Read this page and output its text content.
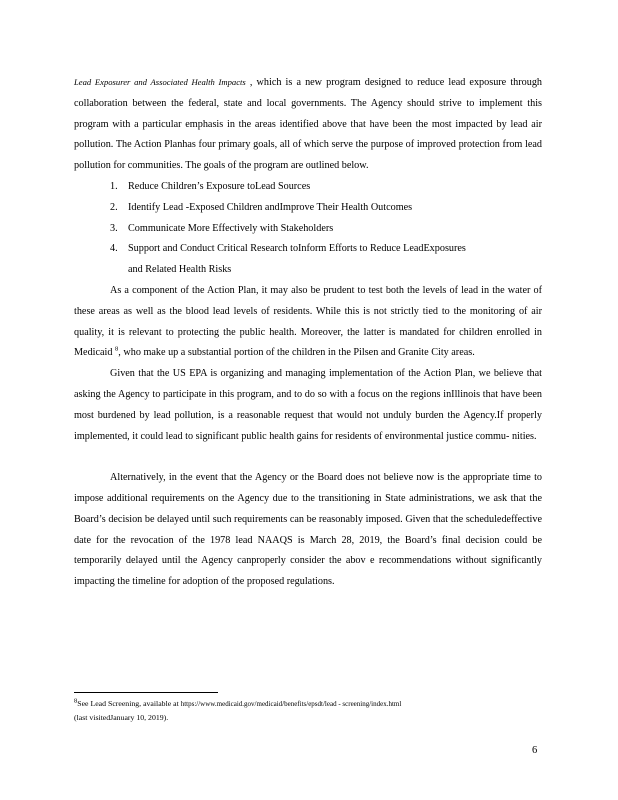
Lead Exposurer and Associated Health Impacts , which is a new program designed to reduce lead exposure through collaboration between the federal, state and local governments. The Agency should strive to implement this program with a particular emphasis in the areas identified above that have been the most impacted by lead air pollution. The Action Planhas four primary goals, all of which serve the purpose of improved protection from lead pollution for communities. The goals of the program are outlined below.

1. Reduce Children’s Exposure toLead Sources
2. Identify Lead -Exposed Children andImprove Their Health Outcomes
3. Communicate More Effectively with Stakeholders
4. Support and Conduct Critical Research toInform Efforts to Reduce LeadExposures
and Related Health Risks

As a component of the Action Plan, it may also be prudent to test both the levels of lead in the water of these areas as well as the blood lead levels of residents. While this is not strictly tied to the monitoring of air quality, it is relevant to protecting the public health. Moreover, the latter is mandated for children enrolled in Medicaid $^8$, who make up a substantial portion of the children in the Pilsen and Granite City areas.

Given that the US EPA is organizing and managing implementation of the Action Plan, we believe that asking the Agency to participate in this program, and to do so with a focus on the regions inIllinois that have been most burdened by lead pollution, is a reasonable request that would not unduly burden the Agency.If properly implemented, it could lead to significant public health gains for residents of environmental justice commu- nities.

Alternatively, in the event that the Agency or the Board does not believe now is the appropriate time to impose additional requirements on the Agency due to the transitioning in State administrations, we ask that the Board’s decision be delayed until such requirements can be reasonably imposed. Given that the scheduledeffective date for the revocation of the 1978 lead NAAQS is March 28, 2019, the Board’s final decision could be temporarily delayed until the Agency canproperly consider the abov e recommendations without significantly impacting the timeline for adoption of the proposed regulations.

$^8$See Lead Screening, available at https://www.medicaid.gov/medicaid/benefits/epsdt/lead - screening/index.html
(last visitedJanuary 10, 2019).
6
